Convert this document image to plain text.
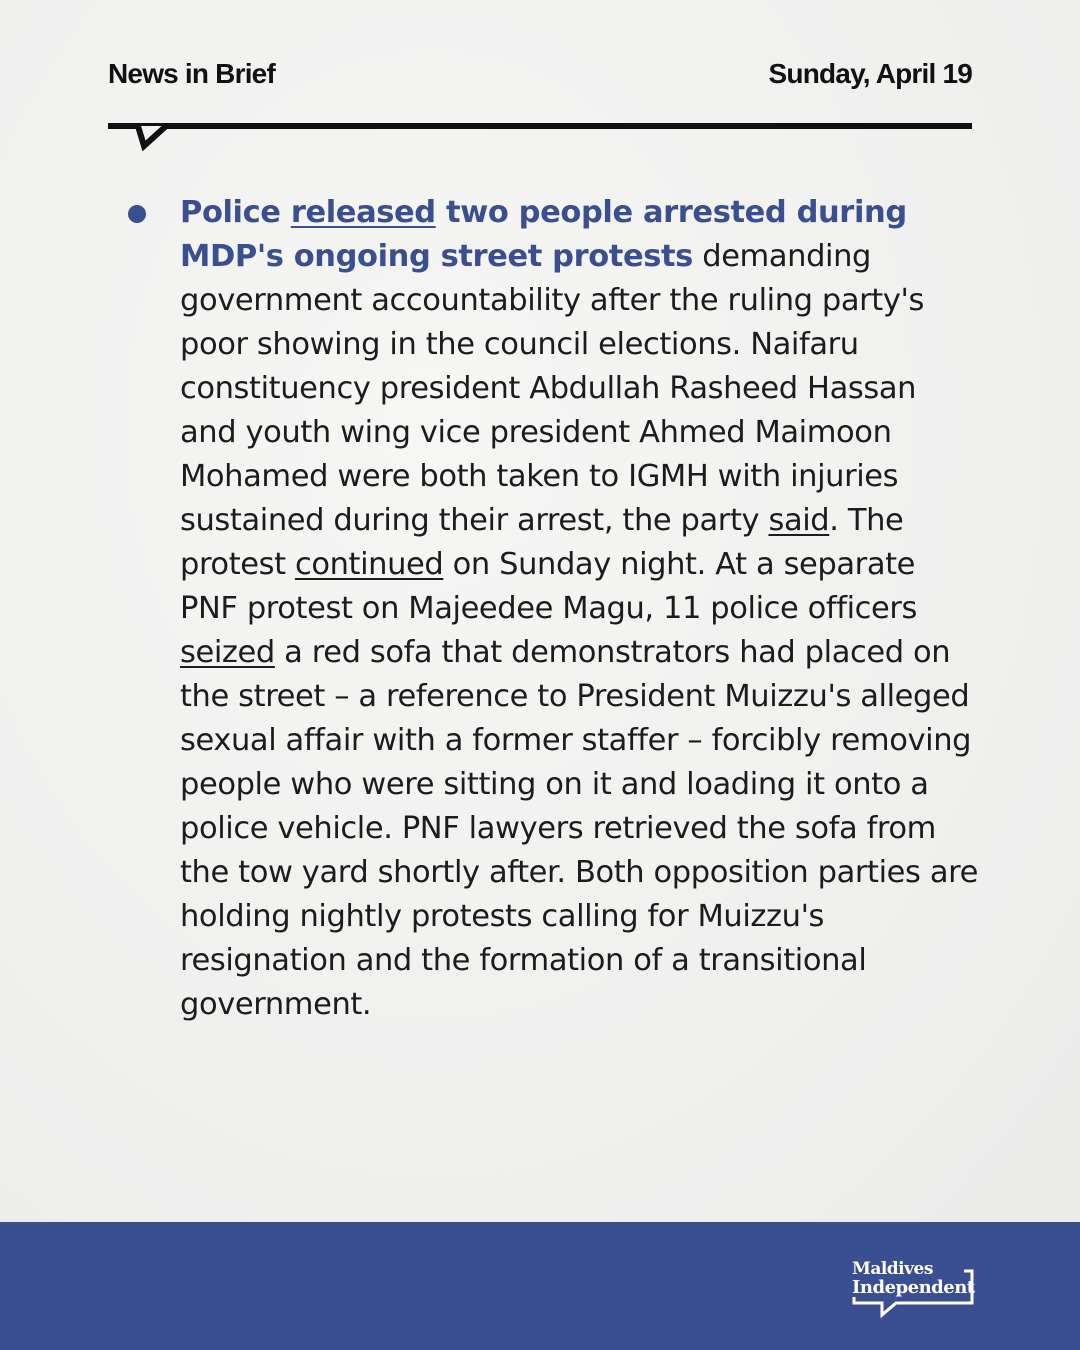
News in Brief	Sunday, April 19

Police released two people arrested during MDP's ongoing street protests demanding government accountability after the ruling party's poor showing in the council elections. Naifaru constituency president Abdullah Rasheed Hassan and youth wing vice president Ahmed Maimoon Mohamed were both taken to IGMH with injuries sustained during their arrest, the party said. The protest continued on Sunday night. At a separate PNF protest on Majeedee Magu, 11 police officers seized a red sofa that demonstrators had placed on the street – a reference to President Muizzu's alleged sexual affair with a former staffer – forcibly removing people who were sitting on it and loading it onto a police vehicle. PNF lawyers retrieved the sofa from the tow yard shortly after. Both opposition parties are holding nightly protests calling for Muizzu's resignation and the formation of a transitional government.

Maldives
Independent
